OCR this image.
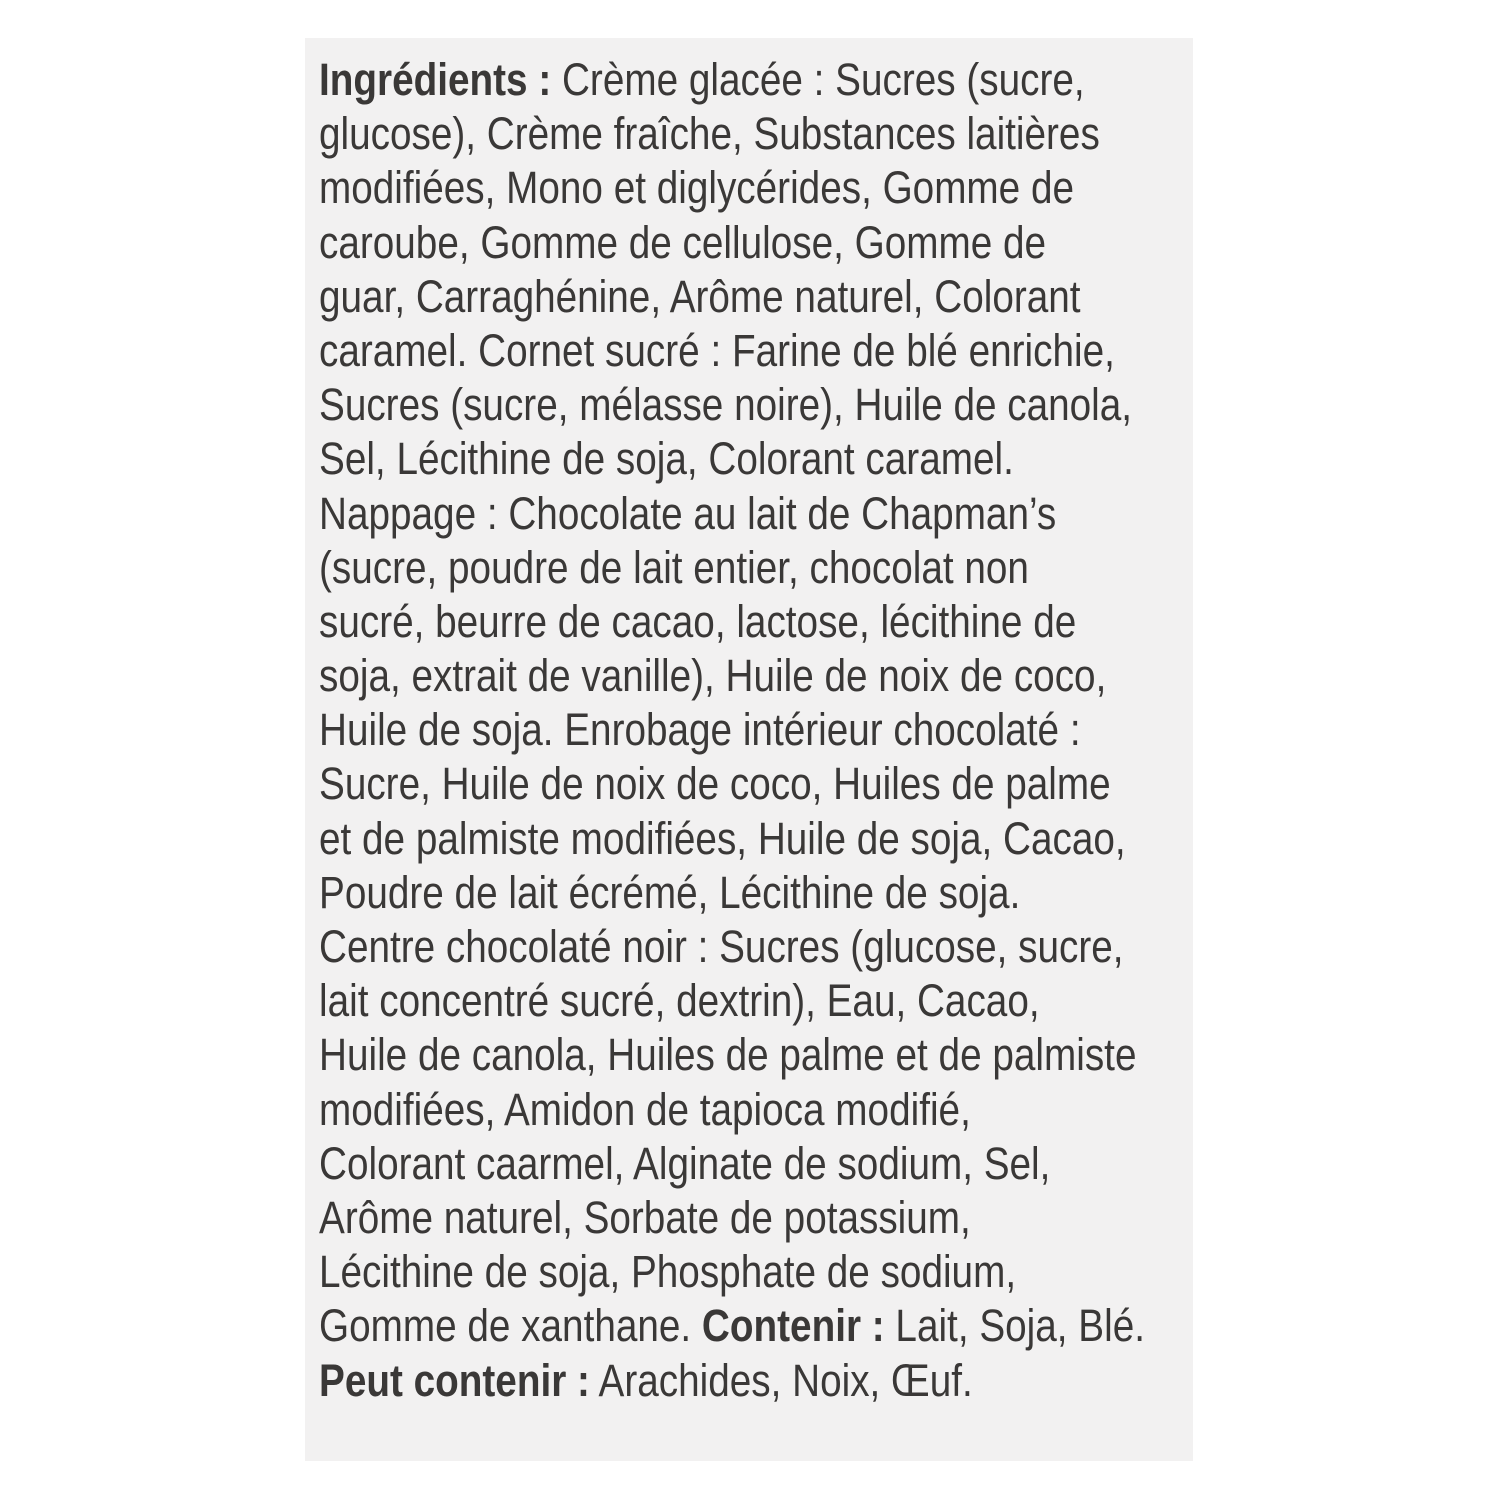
Ingrédients : Crème glacée : Sucres (sucre,
glucose), Crème fraîche, Substances laitières
modifiées, Mono et diglycérides, Gomme de
caroube, Gomme de cellulose, Gomme de
guar, Carraghénine, Arôme naturel, Colorant
caramel. Cornet sucré : Farine de blé enrichie,
Sucres (sucre, mélasse noire), Huile de canola,
Sel, Lécithine de soja, Colorant caramel.
Nappage : Chocolate au lait de Chapman’s
(sucre, poudre de lait entier, chocolat non
sucré, beurre de cacao, lactose, lécithine de
soja, extrait de vanille), Huile de noix de coco,
Huile de soja. Enrobage intérieur chocolaté :
Sucre, Huile de noix de coco, Huiles de palme
et de palmiste modifiées, Huile de soja, Cacao,
Poudre de lait écrémé, Lécithine de soja.
Centre chocolaté noir : Sucres (glucose, sucre,
lait concentré sucré, dextrin), Eau, Cacao,
Huile de canola, Huiles de palme et de palmiste
modifiées, Amidon de tapioca modifié,
Colorant caarmel, Alginate de sodium, Sel,
Arôme naturel, Sorbate de potassium,
Lécithine de soja, Phosphate de sodium,
Gomme de xanthane. Contenir : Lait, Soja, Blé.
Peut contenir : Arachides, Noix, Œuf.
